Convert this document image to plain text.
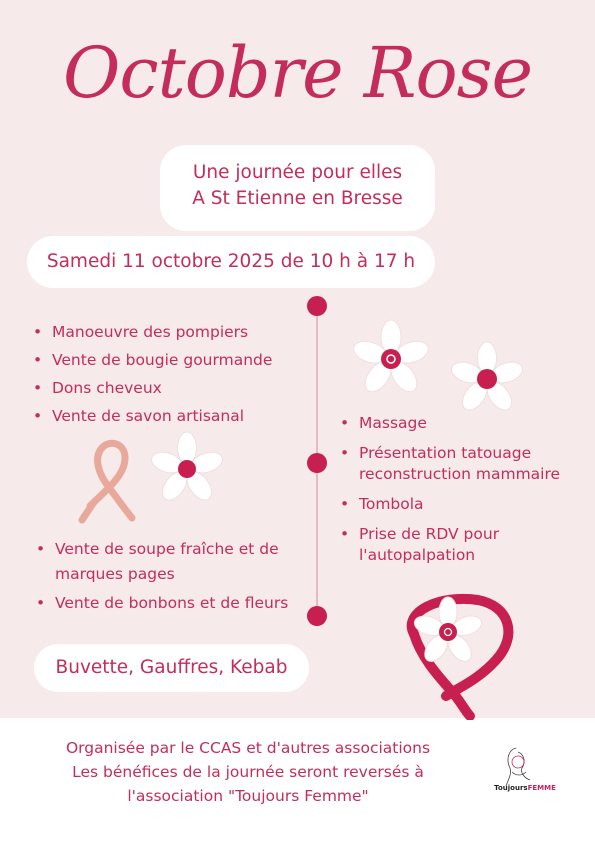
Octobre Rose
Une journée pour elles
A St Etienne en Bresse
Samedi 11 octobre 2025 de 10 h à 17 h
• Manoeuvre des pompiers
• Vente de bougie gourmande
• Dons cheveux
• Vente de savon artisanal
•	Massage
• Présentation tatouage
reconstruction mammaire
• Tombola
• Prise de RDV pour
l'autopalpation
• Vente de soupe fraîche et de
marques pages
• Vente de bonbons et de fleurs
Buvette, Gauffres, Kebab
Organisée par le CCAS et d'autres associations
Les bénéfices de la journée seront reversés à
l'association "Toujours Femme"	ToujoursFEMME
